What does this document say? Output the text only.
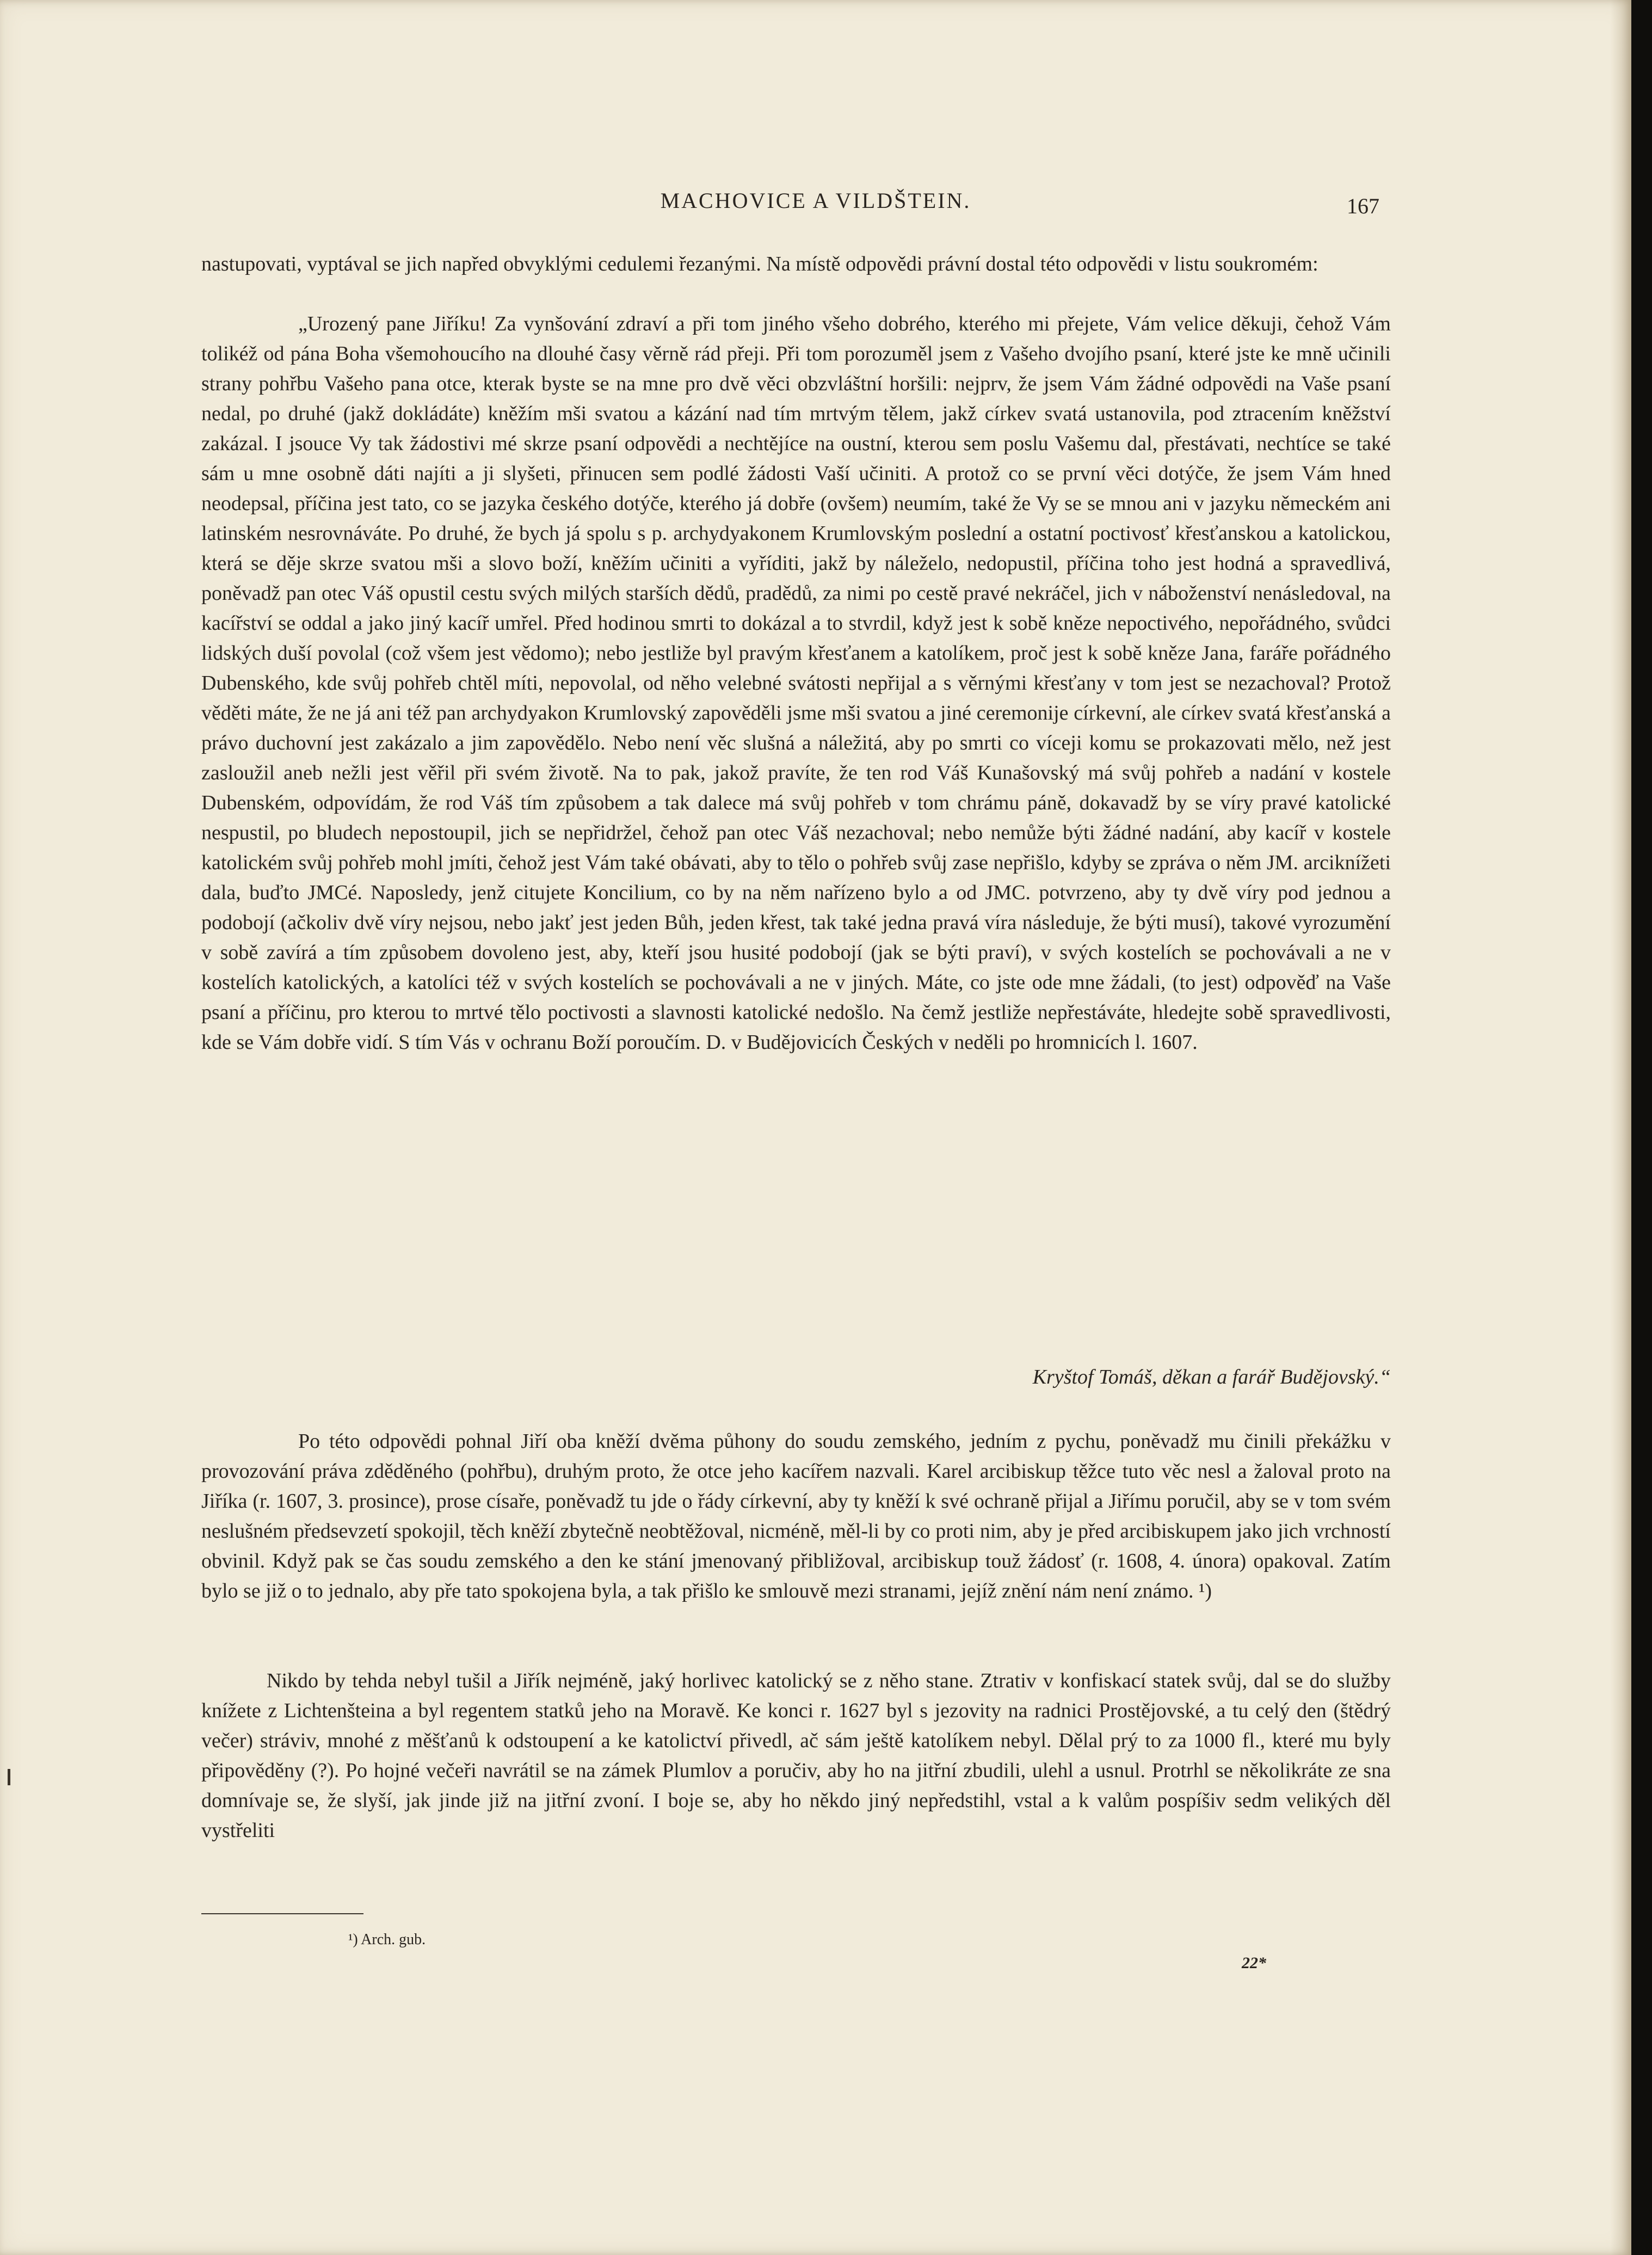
MACHOVICE A VILDŠTEIN.	167

nastupovati, vyptával se jich napřed obvyklými cedulemi řezanými. Na místě odpovědi právní dostal této odpovědi v listu soukromém:

„Urozený pane Jiříku! Za vynšování zdraví a při tom jiného všeho dobrého, kterého mi přejete, Vám velice děkuji, čehož Vám tolikéž od pána Boha všemohoucího na dlouhé časy věrně rád přeji. Při tom porozuměl jsem z Vašeho dvojího psaní, které jste ke mně učinili strany pohřbu Vašeho pana otce, kterak byste se na mne pro dvě věci obzvláštní horšili: nejprv, že jsem Vám žádné odpovědi na Vaše psaní nedal, po druhé (jakž dokládáte) kněžím mši svatou a kázání nad tím mrtvým tělem, jakž církev svatá ustanovila, pod ztracením kněžství zakázal. I jsouce Vy tak žádostivi mé skrze psaní odpovědi a nechtějíce na oustní, kterou sem poslu Vašemu dal, přestávati, nechtíce se také sám u mne osobně dáti najíti a ji slyšeti, přinucen sem podlé žádosti Vaší učiniti. A protož co se první věci dotýče, že jsem Vám hned neodepsal, příčina jest tato, co se jazyka českého dotýče, kterého já dobře (ovšem) neumím, také že Vy se se mnou ani v jazyku německém ani latinském nesrovnáváte. Po druhé, že bych já spolu s p. archydyakonem Krumlovským poslední a ostatní poctivosť křesťanskou a katolickou, která se děje skrze svatou mši a slovo boží, kněžím učiniti a vyříditi, jakž by náleželo, nedopustil, příčina toho jest hodná a spravedlivá, poněvadž pan otec Váš opustil cestu svých milých starších dědů, pradědů, za nimi po cestě pravé nekráčel, jich v náboženství nenásledoval, na kacířství se oddal a jako jiný kacíř umřel. Před hodinou smrti to dokázal a to stvrdil, když jest k sobě kněze nepoctivého, nepořádného, svůdci lidských duší povolal (což všem jest vědomo); nebo jestliže byl pravým křesťanem a katolíkem, proč jest k sobě kněze Jana, faráře pořádného Dubenského, kde svůj pohřeb chtěl míti, nepovolal, od něho velebné svátosti nepřijal a s věrnými křesťany v tom jest se nezachoval? Protož věděti máte, že ne já ani též pan archydyakon Krumlovský zapověděli jsme mši svatou a jiné ceremonije církevní, ale církev svatá křesťanská a právo duchovní jest zakázalo a jim zapovědělo. Nebo není věc slušná a náležitá, aby po smrti co víceji komu se prokazovati mělo, než jest zasloužil aneb nežli jest věřil při svém životě. Na to pak, jakož pravíte, že ten rod Váš Kunašovský má svůj pohřeb a nadání v kostele Dubenském, odpovídám, že rod Váš tím způsobem a tak dalece má svůj pohřeb v tom chrámu páně, dokavadž by se víry pravé katolické nespustil, po bludech nepostoupil, jich se nepřidržel, čehož pan otec Váš nezachoval; nebo nemůže býti žádné nadání, aby kacíř v kostele katolickém svůj pohřeb mohl jmíti, čehož jest Vám také obávati, aby to tělo o pohřeb svůj zase nepřišlo, kdyby se zpráva o něm JM. arciknížeti dala, buďto JMCé. Naposledy, jenž citujete Koncilium, co by na něm nařízeno bylo a od JMC. potvrzeno, aby ty dvě víry pod jednou a podobojí (ačkoliv dvě víry nejsou, nebo jakť jest jeden Bůh, jeden křest, tak také jedna pravá víra následuje, že býti musí), takové vyrozumění v sobě zavírá a tím způsobem dovoleno jest, aby, kteří jsou husité podobojí (jak se býti praví), v svých kostelích se pochovávali a ne v kostelích katolických, a katolíci též v svých kostelích se pochovávali a ne v jiných. Máte, co jste ode mne žádali, (to jest) odpověď na Vaše psaní a příčinu, pro kterou to mrtvé tělo poctivosti a slavnosti katolické nedošlo. Na čemž jestliže nepřestáváte, hledejte sobě spravedlivosti, kde se Vám dobře vidí. S tím Vás v ochranu Boží poroučím. D. v Budějovicích Českých v neděli po hromnicích l. 1607.

Kryštof Tomáš, děkan a farář Budějovský.“

Po této odpovědi pohnal Jiří oba kněží dvěma půhony do soudu zemského, jedním z pychu, poněvadž mu činili překážku v provozování práva zděděného (pohřbu), druhým proto, že otce jeho kacířem nazvali. Karel arcibiskup těžce tuto věc nesl a žaloval proto na Jiříka (r. 1607, 3. prosince), prose císaře, poněvadž tu jde o řády církevní, aby ty kněží k své ochraně přijal a Jiřímu poručil, aby se v tom svém neslušném předsevzetí spokojil, těch kněží zbytečně neobtěžoval, nicméně, měl-li by co proti nim, aby je před arcibiskupem jako jich vrchností obvinil. Když pak se čas soudu zemského a den ke stání jmenovaný přibližoval, arcibiskup touž žádosť (r. 1608, 4. února) opakoval. Zatím bylo se již o to jednalo, aby pře tato spokojena byla, a tak přišlo ke smlouvě mezi stranami, jejíž znění nám není známo. ¹)

Nikdo by tehda nebyl tušil a Jiřík nejméně, jaký horlivec katolický se z něho stane. Ztrativ v konfiskací statek svůj, dal se do služby knížete z Lichtenšteina a byl regentem statků jeho na Moravě. Ke konci r. 1627 byl s jezovity na radnici Prostějovské, a tu celý den (štědrý večer) stráviv, mnohé z měšťanů k odstoupení a ke katolictví přivedl, ač sám ještě katolíkem nebyl. Dělal prý to za 1000 fl., které mu byly připověděny (?). Po hojné večeři navrátil se na zámek Plumlov a poručiv, aby ho na jitřní zbudili, ulehl a usnul. Protrhl se několikráte ze sna domnívaje se, že slyší, jak jinde již na jitřní zvoní. I boje se, aby ho někdo jiný nepředstihl, vstal a k valům pospíšiv sedm velikých děl vystřeliti

¹) Arch. gub.
22*
